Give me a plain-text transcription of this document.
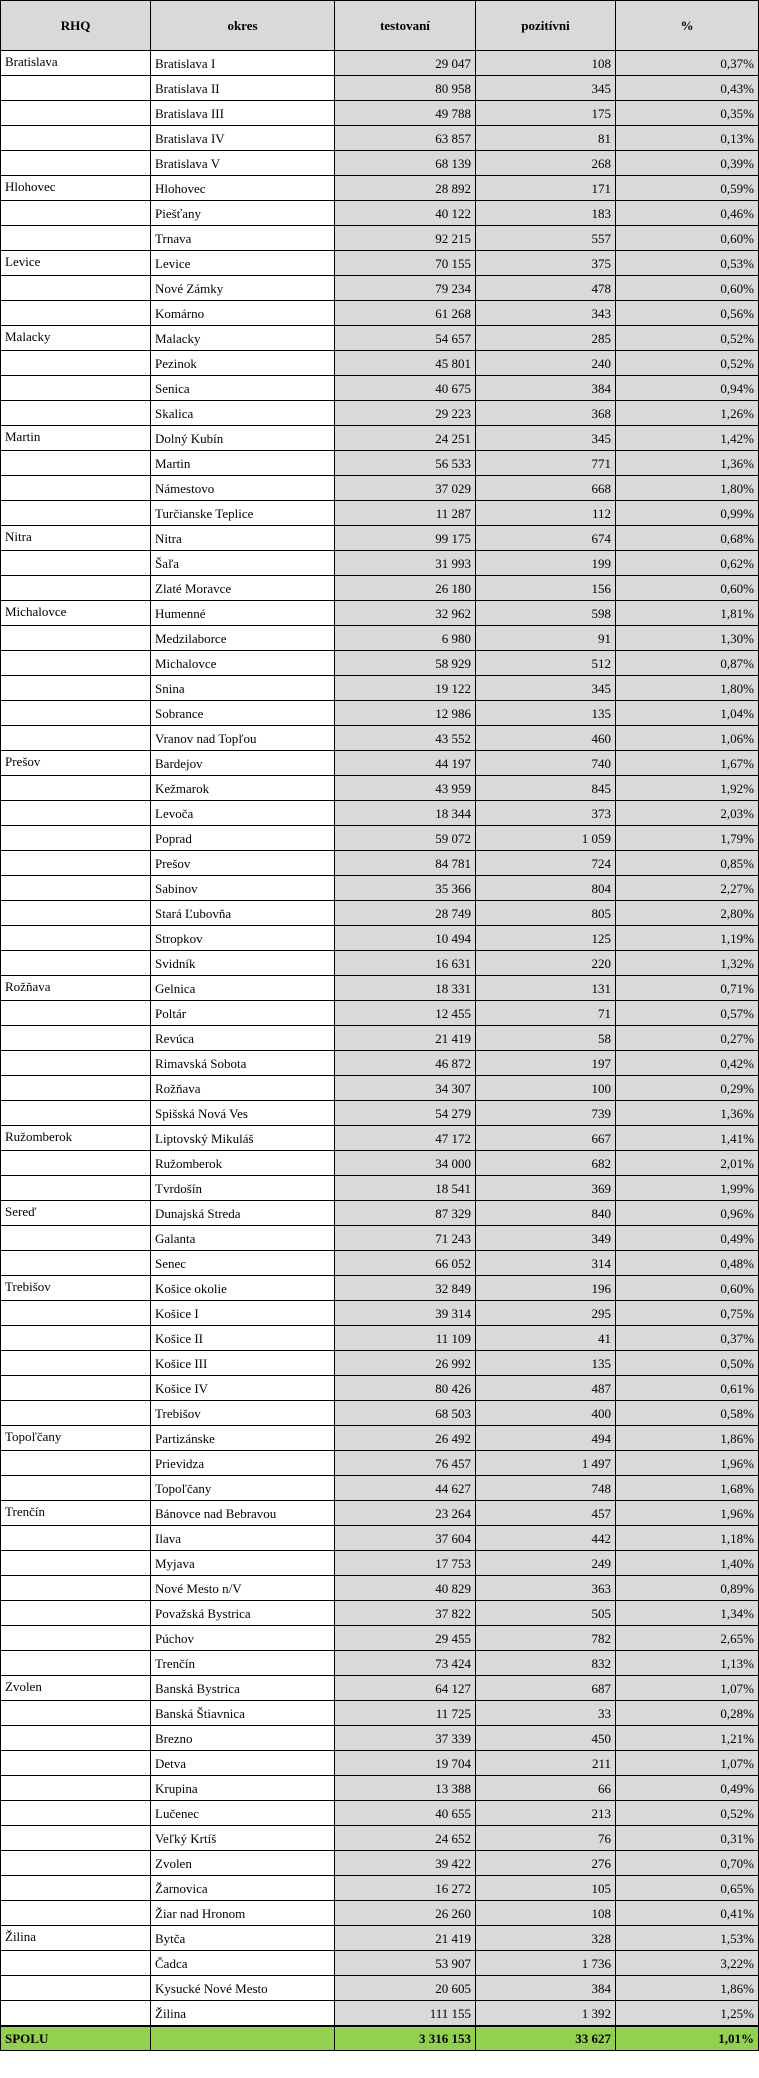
RHQ	okres	testovaní	pozitívni	%
Bratislava	Bratislava I	29 047	108	0,37%
	Bratislava II	80 958	345	0,43%
	Bratislava III	49 788	175	0,35%
	Bratislava IV	63 857	81	0,13%
	Bratislava V	68 139	268	0,39%
Hlohovec	Hlohovec	28 892	171	0,59%
	Piešťany	40 122	183	0,46%
	Trnava	92 215	557	0,60%
Levice	Levice	70 155	375	0,53%
	Nové Zámky	79 234	478	0,60%
	Komárno	61 268	343	0,56%
Malacky	Malacky	54 657	285	0,52%
	Pezinok	45 801	240	0,52%
	Senica	40 675	384	0,94%
	Skalica	29 223	368	1,26%
Martin	Dolný Kubín	24 251	345	1,42%
	Martin	56 533	771	1,36%
	Námestovo	37 029	668	1,80%
	Turčianske Teplice	11 287	112	0,99%
Nitra	Nitra	99 175	674	0,68%
	Šaľa	31 993	199	0,62%
	Zlaté Moravce	26 180	156	0,60%
Michalovce	Humenné	32 962	598	1,81%
	Medzilaborce	6 980	91	1,30%
	Michalovce	58 929	512	0,87%
	Snina	19 122	345	1,80%
	Sobrance	12 986	135	1,04%
	Vranov nad Topľou	43 552	460	1,06%
Prešov	Bardejov	44 197	740	1,67%
	Kežmarok	43 959	845	1,92%
	Levoča	18 344	373	2,03%
	Poprad	59 072	1 059	1,79%
	Prešov	84 781	724	0,85%
	Sabinov	35 366	804	2,27%
	Stará Ľubovňa	28 749	805	2,80%
	Stropkov	10 494	125	1,19%
	Svidník	16 631	220	1,32%
Rožňava	Gelnica	18 331	131	0,71%
	Poltár	12 455	71	0,57%
	Revúca	21 419	58	0,27%
	Rimavská Sobota	46 872	197	0,42%
	Rožňava	34 307	100	0,29%
	Spišská Nová Ves	54 279	739	1,36%
Ružomberok	Liptovský Mikuláš	47 172	667	1,41%
	Ružomberok	34 000	682	2,01%
	Tvrdošín	18 541	369	1,99%
Sereď	Dunajská Streda	87 329	840	0,96%
	Galanta	71 243	349	0,49%
	Senec	66 052	314	0,48%
Trebišov	Košice okolie	32 849	196	0,60%
	Košice I	39 314	295	0,75%
	Košice II	11 109	41	0,37%
	Košice III	26 992	135	0,50%
	Košice IV	80 426	487	0,61%
	Trebišov	68 503	400	0,58%
Topoľčany	Partizánske	26 492	494	1,86%
	Prievidza	76 457	1 497	1,96%
	Topoľčany	44 627	748	1,68%
Trenčín	Bánovce nad Bebravou	23 264	457	1,96%
	Ilava	37 604	442	1,18%
	Myjava	17 753	249	1,40%
	Nové Mesto n/V	40 829	363	0,89%
	Považská Bystrica	37 822	505	1,34%
	Púchov	29 455	782	2,65%
	Trenčín	73 424	832	1,13%
Zvolen	Banská Bystrica	64 127	687	1,07%
	Banská Štiavnica	11 725	33	0,28%
	Brezno	37 339	450	1,21%
	Detva	19 704	211	1,07%
	Krupina	13 388	66	0,49%
	Lučenec	40 655	213	0,52%
	Veľký Krtíš	24 652	76	0,31%
	Zvolen	39 422	276	0,70%
	Žarnovica	16 272	105	0,65%
	Žiar nad Hronom	26 260	108	0,41%
Žilina	Bytča	21 419	328	1,53%
	Čadca	53 907	1 736	3,22%
	Kysucké Nové Mesto	20 605	384	1,86%
	Žilina	111 155	1 392	1,25%
SPOLU		3 316 153	33 627	1,01%
